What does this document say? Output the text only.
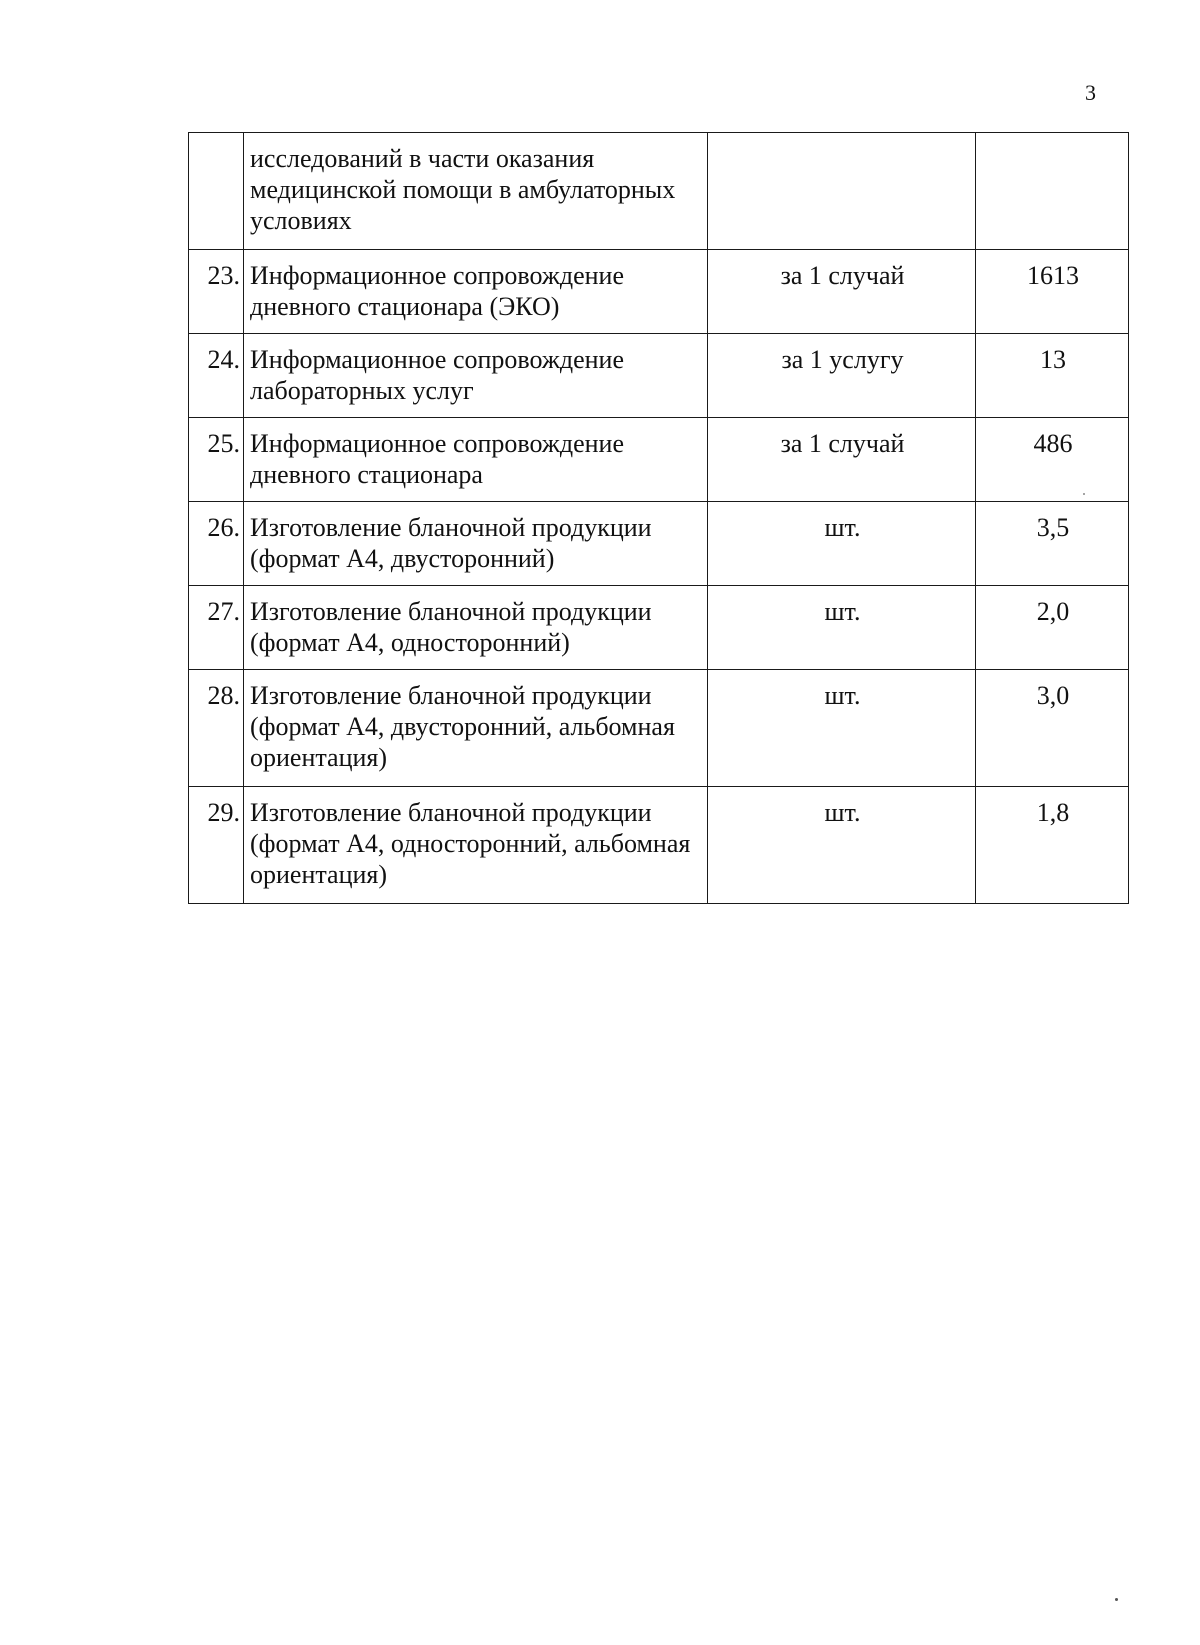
3
	исследований в части оказания медицинской помощи в амбулаторных условиях		
23.	Информационное сопровождение дневного стационара (ЭКО)	за 1 случай	1613
24.	Информационное сопровождение лабораторных услуг	за 1 услугу	13
25.	Информационное сопровождение дневного стационара	за 1 случай	486
26.	Изготовление бланочной продукции (формат А4, двусторонний)	шт.	3,5
27.	Изготовление бланочной продукции (формат А4, односторонний)	шт.	2,0
28.	Изготовление бланочной продукции (формат А4, двусторонний, альбомная ориентация)	шт.	3,0
29.	Изготовление бланочной продукции (формат А4, односторонний, альбомная ориентация)	шт.	1,8
